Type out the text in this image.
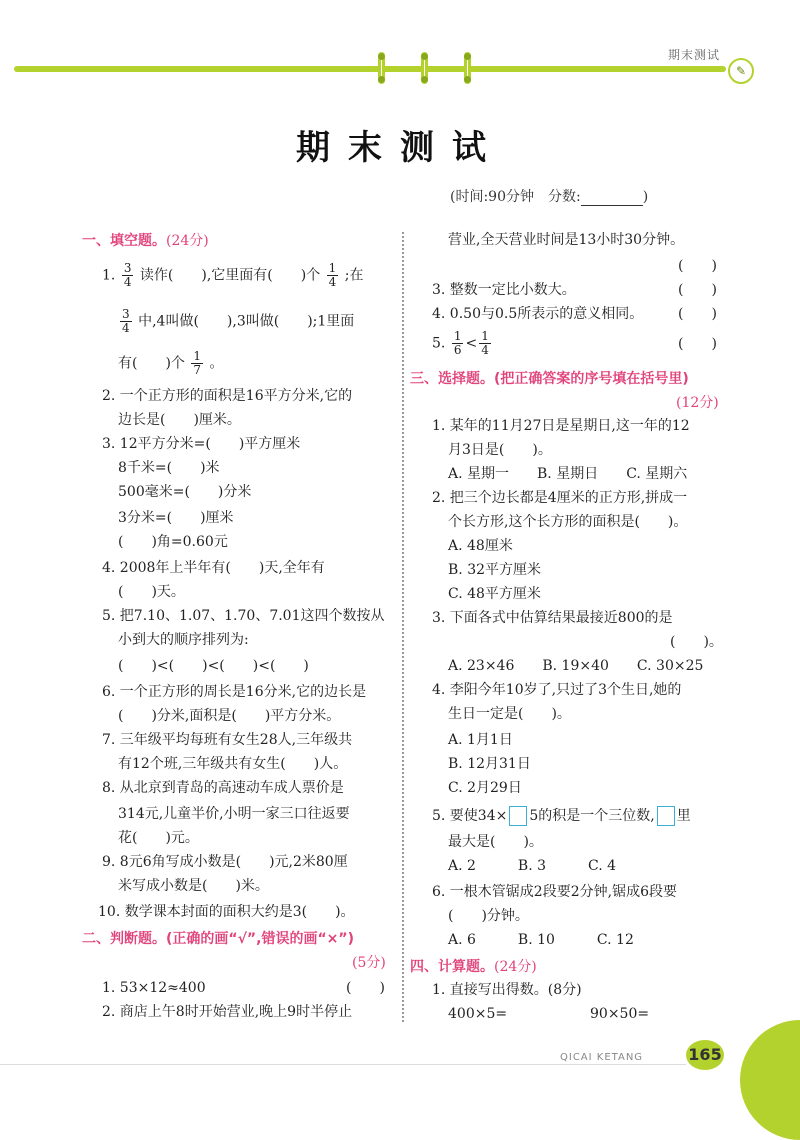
期末测试
✎
期末测试
(时间:90分钟　分数:	)
一、填空题。(24分)
1. $\frac{3}{4}$ 读作(　　),它里面有(　　)个 $\frac{1}{4}$ ;在
$\frac{3}{4}$ 中,4叫做(　　),3叫做(　　);1里面
有(　　)个 $\frac{1}{7}$ 。
2. 一个正方形的面积是16平方分米,它的
边长是(　　)厘米。
3. 12平方分米=(　　)平方厘米
8千米=(　　)米
500毫米=(　　)分米
3分米=(　　)厘米
(　　)角=0.60元
4. 2008年上半年有(　　)天,全年有
(　　)天。
5. 把7.10、1.07、1.70、7.01这四个数按从
小到大的顺序排列为:
(　　)<(　　)<(　　)<(　　)
6. 一个正方形的周长是16分米,它的边长是
(　　)分米,面积是(　　)平方分米。
7. 三年级平均每班有女生28人,三年级共
有12个班,三年级共有女生(　　)人。
8. 从北京到青岛的高速动车成人票价是
314元,儿童半价,小明一家三口往返要
花(　　)元。
9. 8元6角写成小数是(　　)元,2米80厘
米写成小数是(　　)米。
10. 数学课本封面的面积大约是3(　　)。
二、判断题。(正确的画“√”,错误的画“×”)
(5分)
1. 53×12≈400	(　　)
2. 商店上午8时开始营业,晚上9时半停止
营业,全天营业时间是13小时30分钟。
(　　)
3. 整数一定比小数大。	(　　)
4. 0.50与0.5所表示的意义相同。 (　　)
5. $\frac{1}{6} < \frac{1}{4}$	(　　)
三、选择题。(把正确答案的序号填在括号里)
(12分)
1. 某年的11月27日是星期日,这一年的12
月3日是(　　)。
A. 星期一　　B. 星期日　　C. 星期六
2. 把三个边长都是4厘米的正方形,拼成一
个长方形,这个长方形的面积是(　　)。
A. 48厘米
B. 32平方厘米
C. 48平方厘米
3. 下面各式中估算结果最接近800的是
(　　)。
A. 23×46　　B. 19×40　　C. 30×25
4. 李阳今年10岁了,只过了3个生日,她的
生日一定是(　　)。
A. 1月1日
B. 12月31日
C. 2月29日
5. 要使34× 5的积是一个三位数, 里
最大是(　　)。
A. 2　　　B. 3　　　C. 4
6. 一根木管锯成2段要2分钟,锯成6段要
(　　)分钟。
A. 6　　　B. 10　　　C. 12
四、计算题。(24分)
1. 直接写出得数。(8分)
400×5=	90×50=
QICAI KETANG	165
